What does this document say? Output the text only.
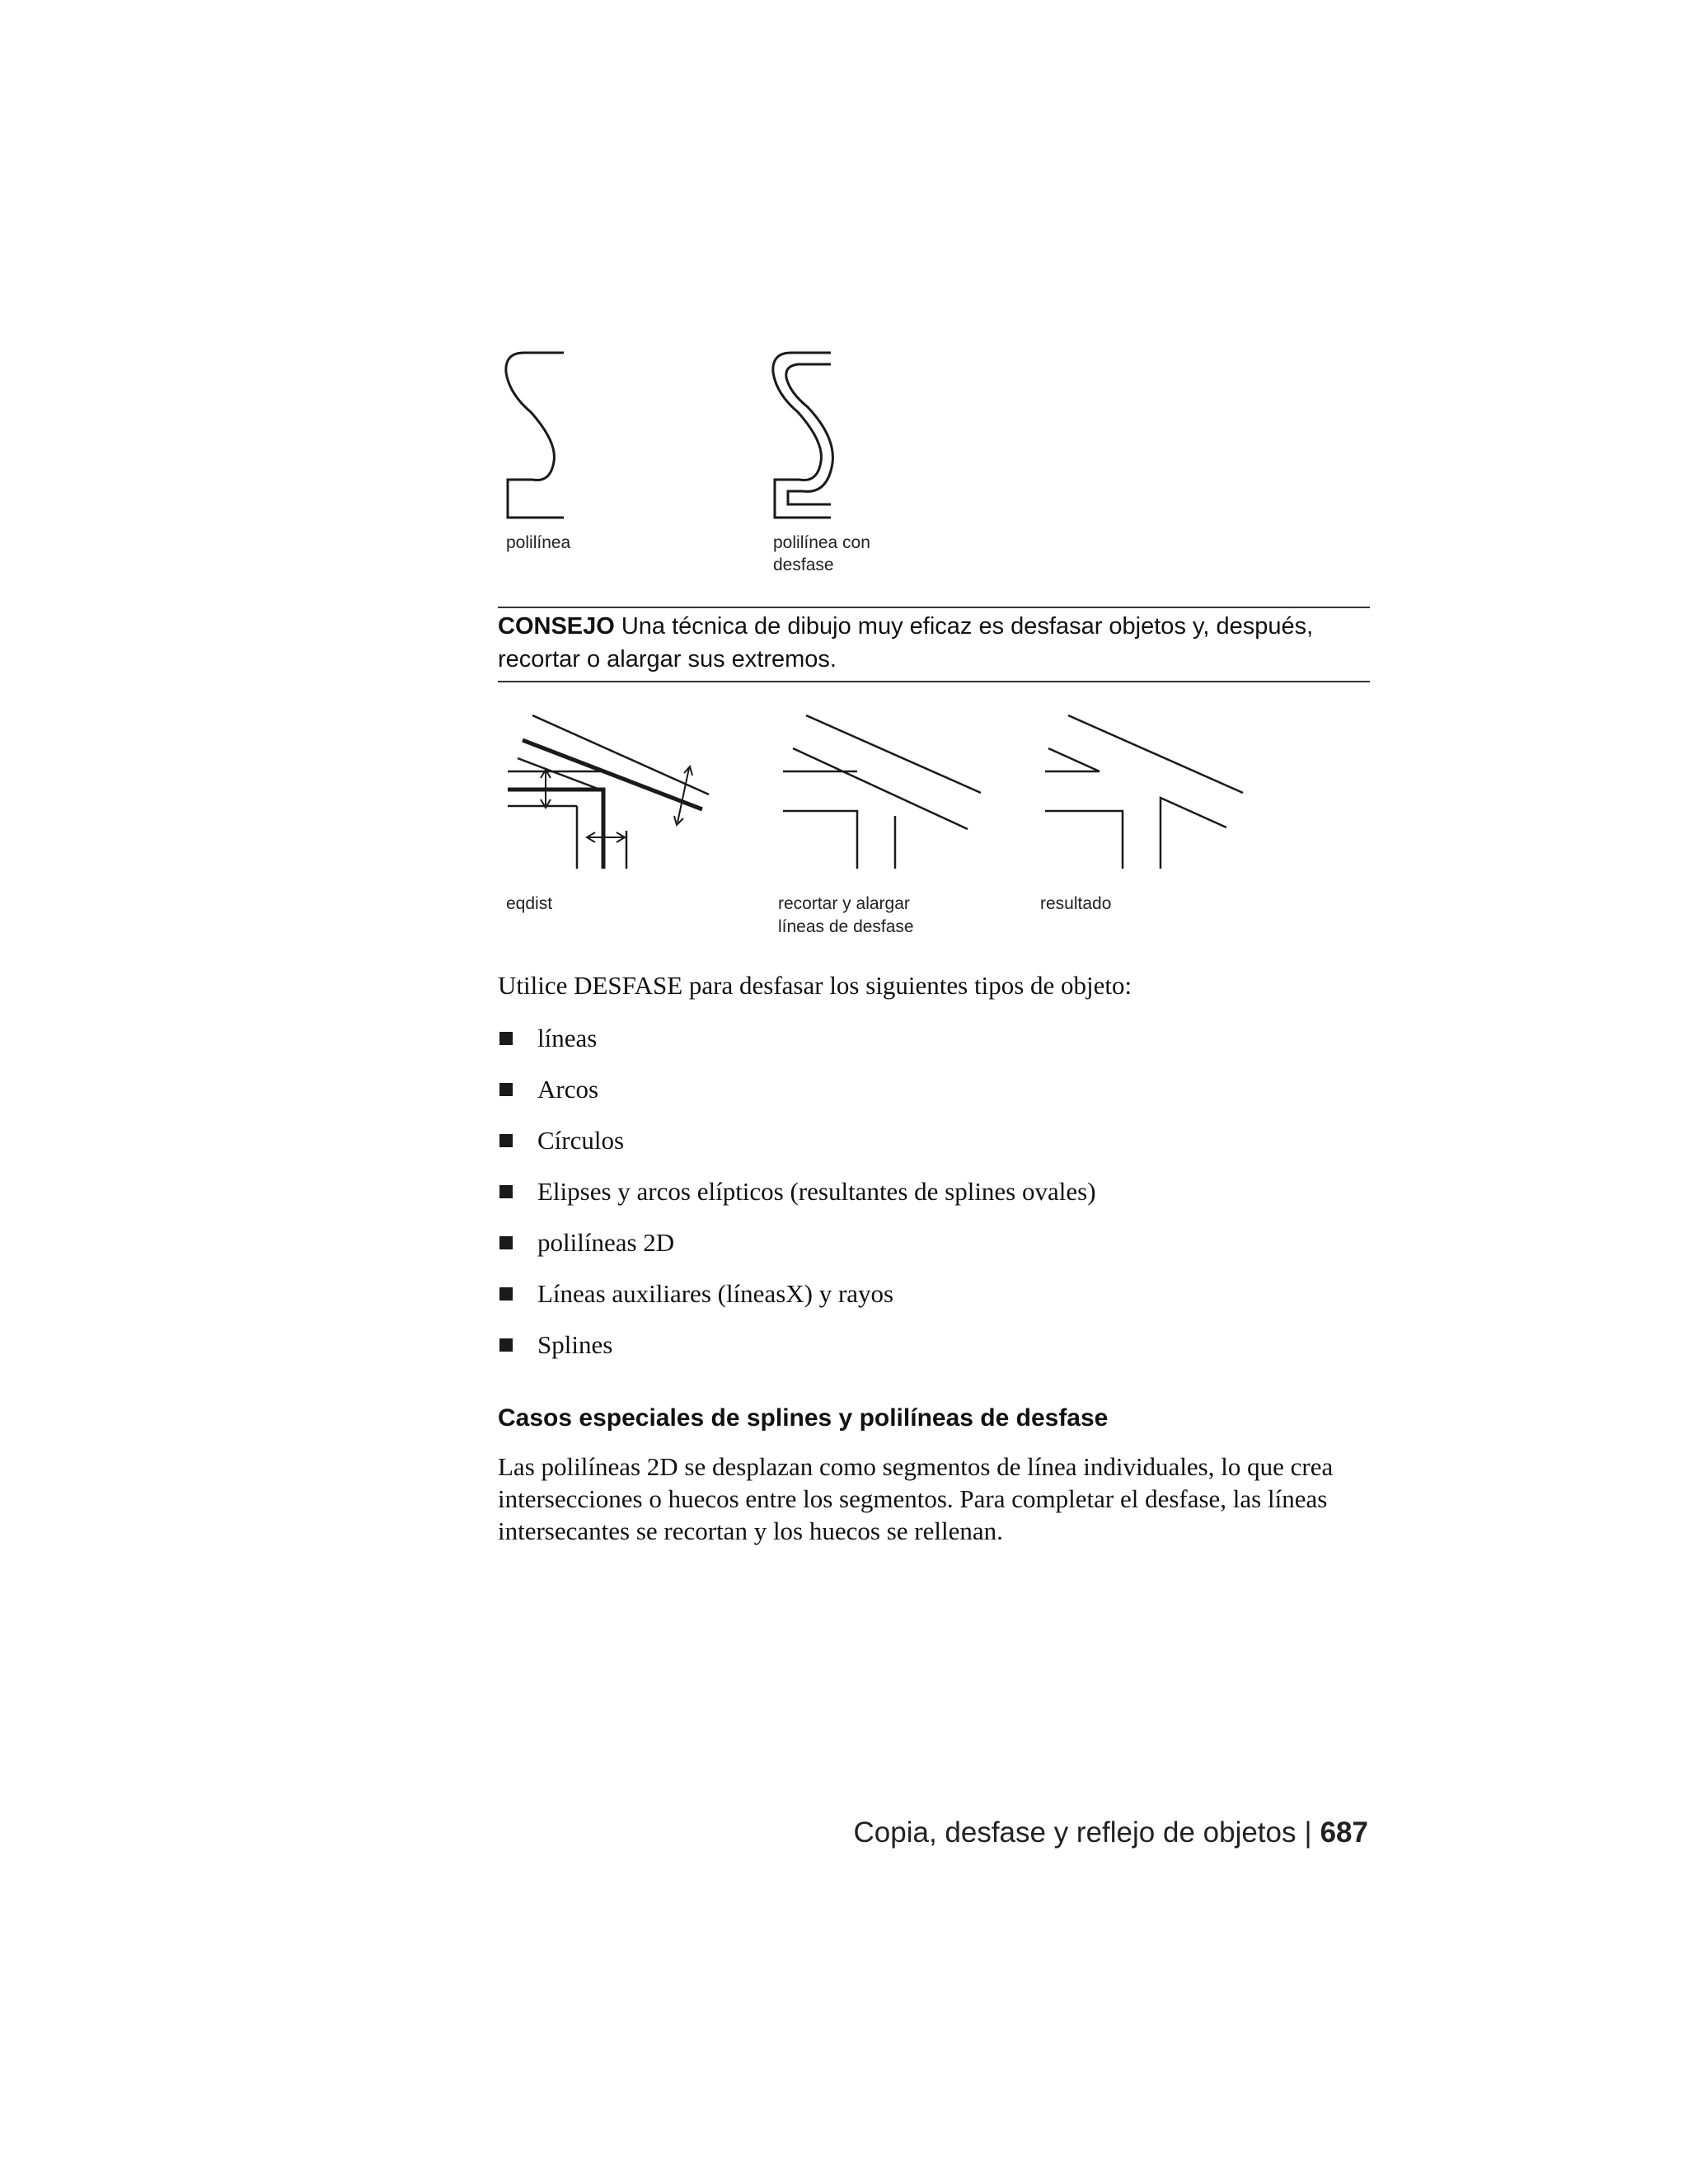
polilínea	polilínea con
desfase
CONSEJO Una técnica de dibujo muy eficaz es desfasar objetos y, después, recortar o alargar sus extremos.
eqdist	recortar y alargar
líneas de desfase
resultado
Utilice DESFASE para desfasar los siguientes tipos de objeto:
líneas
Arcos
Círculos
Elipses y arcos elípticos (resultantes de splines ovales)
polilíneas 2D
Líneas auxiliares (líneasX) y rayos
Splines
Casos especiales de splines y polilíneas de desfase
Las polilíneas 2D se desplazan como segmentos de línea individuales, lo que crea intersecciones o huecos entre los segmentos. Para completar el desfase, las líneas intersecantes se recortan y los huecos se rellenan.
Copia, desfase y reflejo de objetos | 687
